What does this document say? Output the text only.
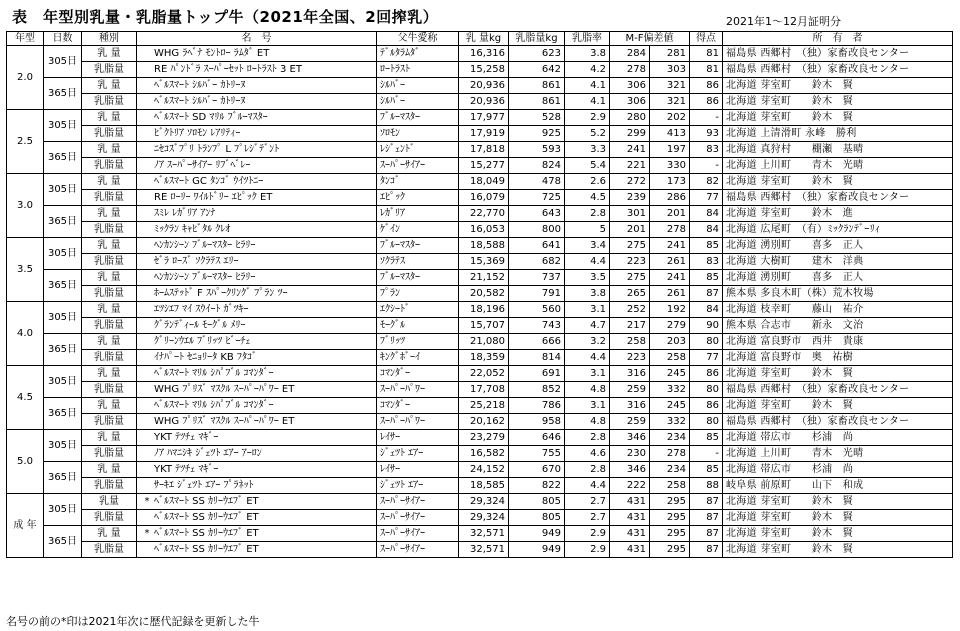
表　年型別乳量・乳脂量トップ牛（2021年全国、2回搾乳）	2021年1～12月証明分
年型	日数	種別	名　号	父牛愛称	乳 量kg	乳脂量kg	乳脂率	M-F偏差値		得点	所　有　者
2.0	305日	乳 量	WHG ﾗﾍﾞﾅ ﾓﾝﾄﾛｰ ﾗﾑﾀﾞ ET	ﾃﾞﾙﾀﾗﾑﾀﾞ	16,316	623	3.8	284	281	81	福島県 西郷村　（独）家畜改良センター
		乳脂量	RE ﾊﾟﾝﾄﾞﾗ ｽｰﾊﾟｰｾｯﾄ ﾛｰﾄﾗｽﾄ 3 ET	ﾛｰﾄﾗｽﾄ	15,258	642	4.2	278	303	81	福島県 西郷村　（独）家畜改良センター
	365日	乳 量	ﾍﾞﾙｽﾏｰﾄ ｼﾙﾊﾞｰ ｶﾄﾘｰﾇ	ｼﾙﾊﾞｰ	20,936	861	4.1	306	321	86	北海道 芽室町　　鈴木　賢
		乳脂量	ﾍﾞﾙｽﾏｰﾄ ｼﾙﾊﾞｰ ｶﾄﾘｰﾇ	ｼﾙﾊﾞｰ	20,936	861	4.1	306	321	86	北海道 芽室町　　鈴木　賢
2.5	305日	乳 量	ﾍﾞﾙｽﾏｰﾄ SD ﾏﾘﾙ ﾌﾞﾙｰﾏｽﾀｰ	ﾌﾞﾙｰﾏｽﾀｰ	17,977	528	2.9	280	202	-	北海道 芽室町　　鈴木　賢
		乳脂量	ﾋﾞｸﾄﾘｱ ｿﾛﾓﾝ ﾚｱﾘﾃｨｰ	ｿﾛﾓﾝ	17,919	925	5.2	299	413	93	北海道 上清滑町 永峰　勝利
	365日	乳 量	ﾆｾｺｽﾞﾌﾟﾘ ﾄﾗﾝﾌﾟ L ﾌﾟﾚｼﾞﾃﾞﾝﾄ	ﾚｼﾞｪﾝﾄﾞ	17,818	593	3.3	241	197	83	北海道 真狩村　　棚瀬　基晴
		乳脂量	ﾉｱ ｽｰﾊﾟｰｻｲｱｰ ﾘﾌﾞﾍﾞﾚｰ	ｽｰﾊﾟｰｻｲｱｰ	15,277	824	5.4	221	330	-	北海道 上川町　　青木　光晴
3.0	305日	乳 量	ﾍﾞﾙｽﾏｰﾄ GC ﾀﾝｺﾞ ｳｲﾂﾄﾆｰ	ﾀﾝｺﾞ	18,049	478	2.6	272	173	82	北海道 芽室町　　鈴木　賢
		乳脂量	RE ﾛｰﾘｰ ﾜｲﾙﾄﾞﾘｰ ｴﾋﾟｯｸ ET	ｴﾋﾟｯｸ	16,079	725	4.5	239	286	77	福島県 西郷村　（独）家畜改良センター
	365日	乳 量	ｽﾐﾚ ﾚｶﾞﾘｱ ｱﾝﾅ	ﾚｶﾞﾘｱ	22,770	643	2.8	301	201	84	北海道 芽室町　　鈴木　進
		乳脂量	ﾐｯｸﾗﾝ ｷｬﾋﾞﾀﾙ ｸﾚｵ	ｹﾞｲﾝ	16,053	800	5	201	278	84	北海道 広尾町　（有）ﾐｯｸﾗﾝﾃﾞｰﾘｨ
3.5	305日	乳 量	ﾍﾝｶﾝｼｰﾝ ﾌﾞﾙｰﾏｽﾀｰ ﾋﾗﾘｰ	ﾌﾞﾙｰﾏｽﾀｰ	18,588	641	3.4	275	241	85	北海道 湧別町　　喜多　正人
		乳脂量	ｾﾞﾗ ﾛｰｽﾞ ｿｸﾗﾃｽ ｴﾘｰ	ｿｸﾗﾃｽ	15,369	682	4.4	223	261	83	北海道 大樹町　　建木　洋典
	365日	乳 量	ﾍﾝｶﾝｼｰﾝ ﾌﾞﾙｰﾏｽﾀｰ ﾋﾗﾘｰ	ﾌﾞﾙｰﾏｽﾀｰ	21,152	737	3.5	275	241	85	北海道 湧別町　　喜多　正人
		乳脂量	ﾎｰﾑｽﾃｯﾄﾞ F ｽﾊﾟｰｸﾘﾝｸﾞ ﾌﾟﾗﾝ ﾂｰ	ﾌﾟﾗﾝ	20,582	791	3.8	265	261	87	熊本県 多良木町（株）荒木牧場
4.0	305日	乳 量	ｴﾂｼｴﾌ ﾏｲ ｽｳｲｰﾄ ｶﾞﾂｷｰ	ｴｸｼｰﾄﾞ	18,196	560	3.1	252	192	84	北海道 枝幸町　　藤山　祐介
		乳脂量	ｸﾞﾗﾝﾃﾞｨｰﾙ ﾓｰｸﾞﾙ ﾒﾘｰ	ﾓｰｸﾞﾙ	15,707	743	4.7	217	279	90	熊本県 合志市　　新永　文治
	365日	乳 量	ｸﾞﾘｰﾝｳｴﾙ ﾌﾞﾘｯﾂ ﾋﾞｰﾁｪ	ﾌﾞﾘｯﾂ	21,080	666	3.2	258	203	80	北海道 富良野市　西井　貴康
		乳脂量	ｲﾅﾊﾟｰﾄ ｾﾆｮﾘｰﾀ KB ﾌﾀｺﾞ	ｷﾝｸﾞﾎﾞｰｲ	18,359	814	4.4	223	258	77	北海道 富良野市　奥　祐樹
4.5	305日	乳 量	ﾍﾞﾙｽﾏｰﾄ ﾏﾘﾙ ｼﾊﾟﾌﾞﾙ ｺﾏﾝﾀﾞｰ	ｺﾏﾝﾀﾞｰ	22,052	691	3.1	316	245	86	北海道 芽室町　　鈴木　賢
		乳脂量	WHG ﾌﾟﾘｽﾞ ﾏｽｸﾙ ｽｰﾊﾟｰﾊﾟﾜｰ ET	ｽｰﾊﾟｰﾊﾟﾜｰ	17,708	852	4.8	259	332	80	福島県 西郷村　（独）家畜改良センター
	365日	乳 量	ﾍﾞﾙｽﾏｰﾄ ﾏﾘﾙ ｼﾊﾟﾌﾞﾙ ｺﾏﾝﾀﾞｰ	ｺﾏﾝﾀﾞｰ	25,218	786	3.1	316	245	86	北海道 芽室町　　鈴木　賢
		乳脂量	WHG ﾌﾟﾘｽﾞ ﾏｽｸﾙ ｽｰﾊﾟｰﾊﾟﾜｰ ET	ｽｰﾊﾟｰﾊﾟﾜｰ	20,162	958	4.8	259	332	80	福島県 西郷村　（独）家畜改良センター
5.0	305日	乳 量	YKT ﾃﾂﾁｪ ﾏｷﾞｰ	ﾚｲｻｰ	23,279	646	2.8	346	234	85	北海道 帯広市　　杉浦　尚
		乳脂量	ﾉｱ ﾊﾏﾆｼｷ ｼﾞｪﾂﾄ ｴｱｰ ｱｰﾛﾝ	ｼﾞｪﾂﾄ ｴｱｰ	16,582	755	4.6	230	278	-	北海道 上川町　　青木　光晴
	365日	乳 量	YKT ﾃﾂﾁｪ ﾏｷﾞｰ	ﾚｲｻｰ	24,152	670	2.8	346	234	85	北海道 帯広市　　杉浦　尚
		乳脂量	ｻｰｷｴ ｼﾞｪﾂﾄ ｴｱｰ ﾌﾟﾗﾈｯﾄ	ｼﾞｪﾂﾄ ｴｱｰ	18,585	822	4.4	222	258	88	岐阜県 前原町　　山下　和成
成 年	305日	乳量	* ﾍﾞﾙｽﾏｰﾄ SS ｶﾘｰｳｴﾌﾞ ET	ｽｰﾊﾟｰｻｲｱｰ	29,324	805	2.7	431	295	87	北海道 芽室町　　鈴木　賢
		乳脂量	ﾍﾞﾙｽﾏｰﾄ SS ｶﾘｰｳｴﾌﾞ ET	ｽｰﾊﾟｰｻｲｱｰ	29,324	805	2.7	431	295	87	北海道 芽室町　　鈴木　賢
	365日	乳 量	* ﾍﾞﾙｽﾏｰﾄ SS ｶﾘｰｳｴﾌﾞ ET	ｽｰﾊﾟｰｻｲｱｰ	32,571	949	2.9	431	295	87	北海道 芽室町　　鈴木　賢
		乳脂量	ﾍﾞﾙｽﾏｰﾄ SS ｶﾘｰｳｴﾌﾞ ET	ｽｰﾊﾟｰｻｲｱｰ	32,571	949	2.9	431	295	87	北海道 芽室町　　鈴木　賢
名号の前の*印は2021年次に歴代記録を更新した牛
